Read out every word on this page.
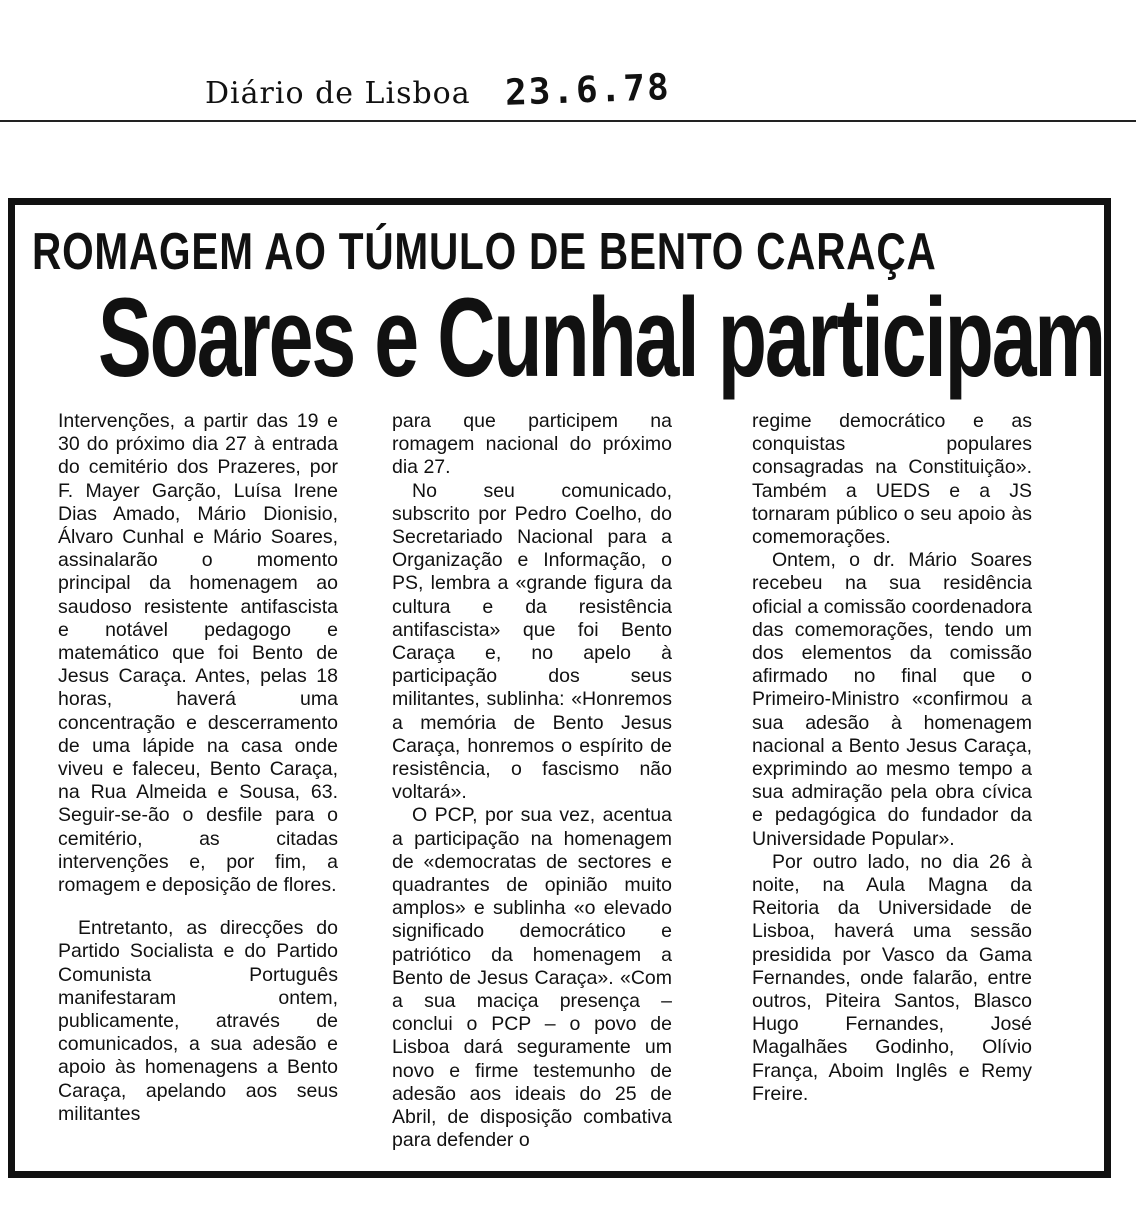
Diário de Lisboa 23.6.78
ROMAGEM AO TÚMULO DE BENTO CARAÇA
Soares e Cunhal participam

Intervenções, a partir das 19 e 30 do próximo dia 27 à entrada do cemitério dos Prazeres, por F. Mayer Garção, Luísa Irene Dias Amado, Mário Dionisio, Álvaro Cunhal e Mário Soares, assinalarão o momento principal da homenagem ao saudoso resistente antifascista e notável pedagogo e matemático que foi Bento de Jesus Caraça. Antes, pelas 18 horas, haverá uma concentração e descerramento de uma lápide na casa onde viveu e faleceu, Bento Caraça, na Rua Almeida e Sousa, 63. Seguir-se-ão o desfile para o cemitério, as citadas intervenções e, por fim, a romagem e deposição de flores.

Entretanto, as direcções do Partido Socialista e do Partido Comunista Português manifestaram ontem, publicamente, através de comunicados, a sua adesão e apoio às homenagens a Bento Caraça, apelando aos seus militantes

para que participem na romagem nacional do próximo dia 27.

No seu comunicado, subscrito por Pedro Coelho, do Secretariado Nacional para a Organização e Informação, o PS, lembra a «grande figura da cultura e da resistência antifascista» que foi Bento Caraça e, no apelo à participação dos seus militantes, sublinha: «Honremos a memória de Bento Jesus Caraça, honremos o espírito de resistência, o fascismo não voltará».

O PCP, por sua vez, acentua a participação na homenagem de «democratas de sectores e quadrantes de opinião muito amplos» e sublinha «o elevado significado democrático e patriótico da homenagem a Bento de Jesus Caraça». «Com a sua maciça presença – conclui o PCP – o povo de Lisboa dará seguramente um novo e firme testemunho de adesão aos ideais do 25 de Abril, de disposição combativa para defender o

regime democrático e as conquistas populares consagradas na Constituição». Também a UEDS e a JS tornaram público o seu apoio às comemorações.

Ontem, o dr. Mário Soares recebeu na sua residência oficial a comissão coordenadora das comemorações, tendo um dos elementos da comissão afirmado no final que o Primeiro-Ministro «confirmou a sua adesão à homenagem nacional a Bento Jesus Caraça, exprimindo ao mesmo tempo a sua admiração pela obra cívica e pedagógica do fundador da Universidade Popular».

Por outro lado, no dia 26 à noite, na Aula Magna da Reitoria da Universidade de Lisboa, haverá uma sessão presidida por Vasco da Gama Fernandes, onde falarão, entre outros, Piteira Santos, Blasco Hugo Fernandes, José Magalhães Godinho, Olívio França, Aboim Inglês e Remy Freire.
